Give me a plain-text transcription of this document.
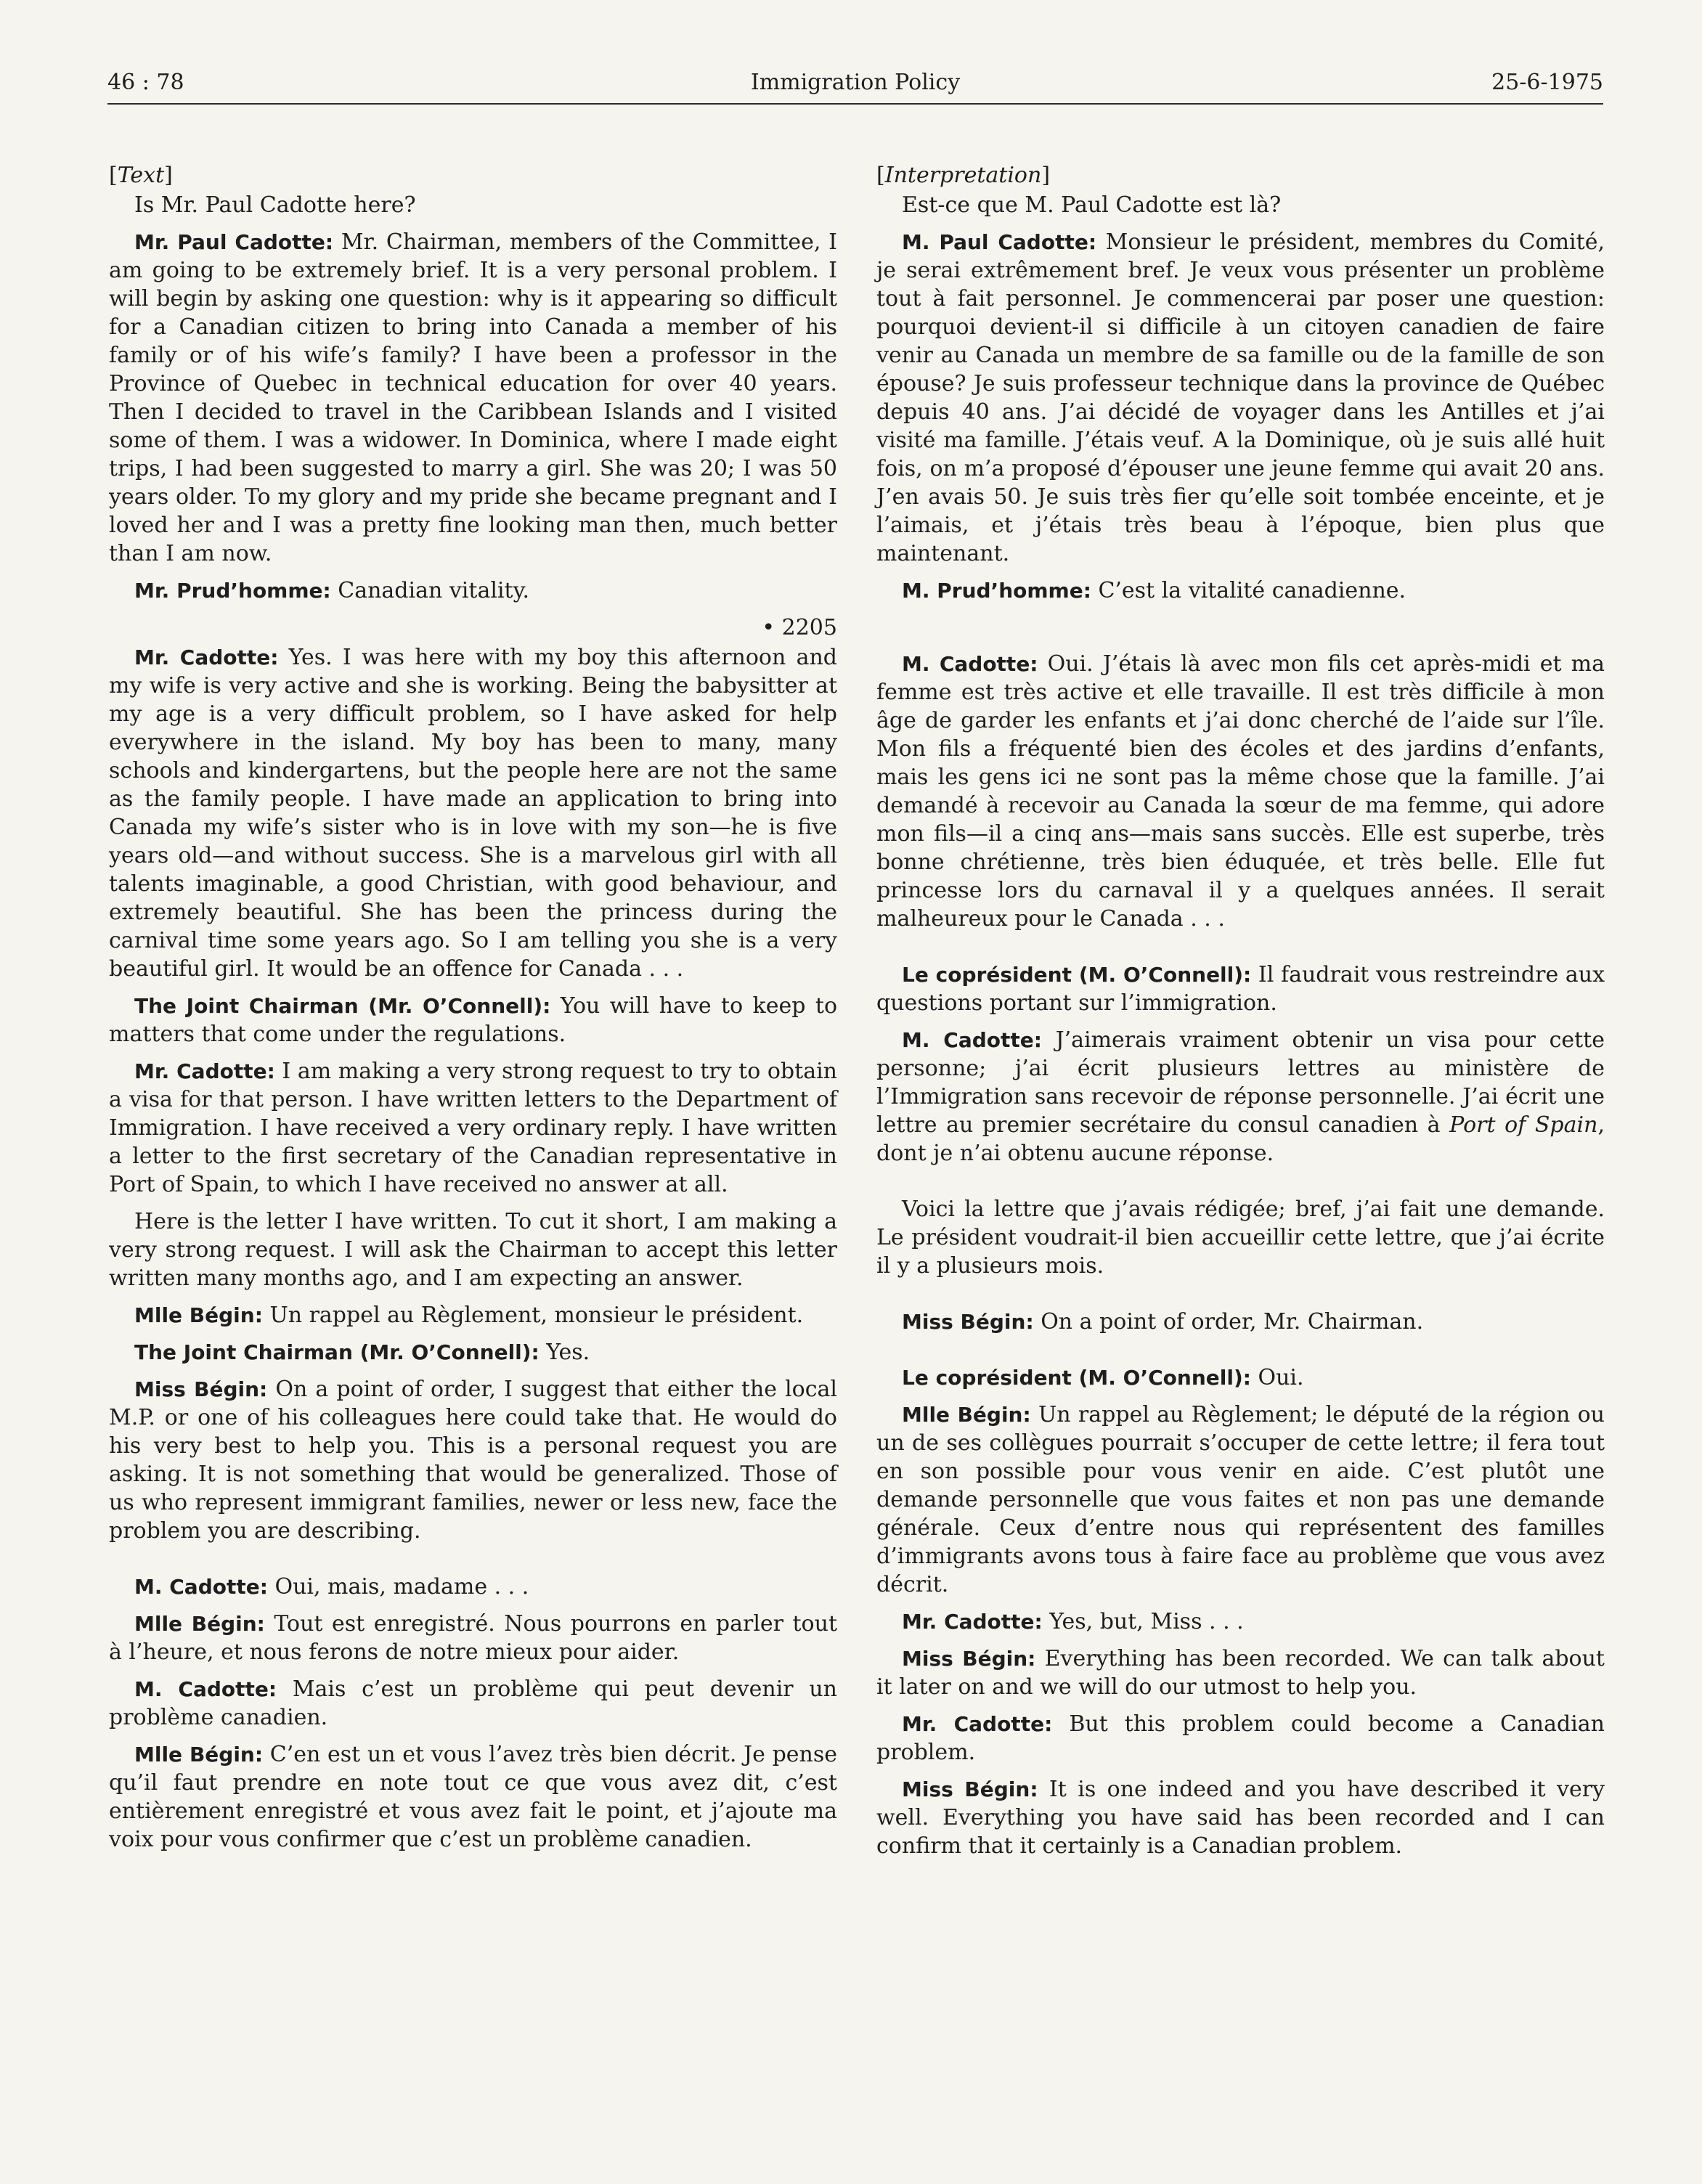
46 : 78	Immigration Policy	25-6-1975

[Text]

Is Mr. Paul Cadotte here?

Mr. Paul Cadotte: Mr. Chairman, members of the Committee, I am going to be extremely brief. It is a very personal problem. I will begin by asking one question: why is it appearing so difficult for a Canadian citizen to bring into Canada a member of his family or of his wife’s family? I have been a professor in the Province of Quebec in technical education for over 40 years. Then I decided to travel in the Caribbean Islands and I visited some of them. I was a widower. In Dominica, where I made eight trips, I had been suggested to marry a girl. She was 20; I was 50 years older. To my glory and my pride she became pregnant and I loved her and I was a pretty fine looking man then, much better than I am now.

Mr. Prud’homme: Canadian vitality.

• 2205

Mr. Cadotte: Yes. I was here with my boy this afternoon and my wife is very active and she is working. Being the babysitter at my age is a very difficult problem, so I have asked for help everywhere in the island. My boy has been to many, many schools and kindergartens, but the people here are not the same as the family people. I have made an application to bring into Canada my wife’s sister who is in love with my son—he is five years old—and without success. She is a marvelous girl with all talents imaginable, a good Christian, with good behaviour, and extremely beautiful. She has been the princess during the carnival time some years ago. So I am telling you she is a very beautiful girl. It would be an offence for Canada . . .

The Joint Chairman (Mr. O’Connell): You will have to keep to matters that come under the regulations.

Mr. Cadotte: I am making a very strong request to try to obtain a visa for that person. I have written letters to the Department of Immigration. I have received a very ordinary reply. I have written a letter to the first secretary of the Canadian representative in Port of Spain, to which I have received no answer at all.

Here is the letter I have written. To cut it short, I am making a very strong request. I will ask the Chairman to accept this letter written many months ago, and I am expecting an answer.

Mlle Bégin: Un rappel au Règlement, monsieur le président.

The Joint Chairman (Mr. O’Connell): Yes.

Miss Bégin: On a point of order, I suggest that either the local M.P. or one of his colleagues here could take that. He would do his very best to help you. This is a personal request you are asking. It is not something that would be generalized. Those of us who represent immigrant families, newer or less new, face the problem you are describing.

M. Cadotte: Oui, mais, madame . . .

Mlle Bégin: Tout est enregistré. Nous pourrons en parler tout à l’heure, et nous ferons de notre mieux pour aider.

M. Cadotte: Mais c’est un problème qui peut devenir un problème canadien.

Mlle Bégin: C’en est un et vous l’avez très bien décrit. Je pense qu’il faut prendre en note tout ce que vous avez dit, c’est entièrement enregistré et vous avez fait le point, et j’ajoute ma voix pour vous confirmer que c’est un problème canadien.

[Interpretation]

Est-ce que M. Paul Cadotte est là?

M. Paul Cadotte: Monsieur le président, membres du Comité, je serai extrêmement bref. Je veux vous présenter un problème tout à fait personnel. Je commencerai par poser une question: pourquoi devient-il si difficile à un citoyen canadien de faire venir au Canada un membre de sa famille ou de la famille de son épouse? Je suis professeur technique dans la province de Québec depuis 40 ans. J’ai décidé de voyager dans les Antilles et j’ai visité ma famille. J’étais veuf. A la Dominique, où je suis allé huit fois, on m’a proposé d’épouser une jeune femme qui avait 20 ans. J’en avais 50. Je suis très fier qu’elle soit tombée enceinte, et je l’aimais, et j’étais très beau à l’époque, bien plus que maintenant.

M. Prud’homme: C’est la vitalité canadienne.

M. Cadotte: Oui. J’étais là avec mon fils cet après-midi et ma femme est très active et elle travaille. Il est très difficile à mon âge de garder les enfants et j’ai donc cherché de l’aide sur l’île. Mon fils a fréquenté bien des écoles et des jardins d’enfants, mais les gens ici ne sont pas la même chose que la famille. J’ai demandé à recevoir au Canada la sœur de ma femme, qui adore mon fils—il a cinq ans—mais sans succès. Elle est superbe, très bonne chrétienne, très bien éduquée, et très belle. Elle fut princesse lors du carnaval il y a quelques années. Il serait malheureux pour le Canada . . .

Le coprésident (M. O’Connell): Il faudrait vous restreindre aux questions portant sur l’immigration.

M. Cadotte: J’aimerais vraiment obtenir un visa pour cette personne; j’ai écrit plusieurs lettres au ministère de l’Immigration sans recevoir de réponse personnelle. J’ai écrit une lettre au premier secrétaire du consul canadien à Port of Spain, dont je n’ai obtenu aucune réponse.

Voici la lettre que j’avais rédigée; bref, j’ai fait une demande. Le président voudrait-il bien accueillir cette lettre, que j’ai écrite il y a plusieurs mois.

Miss Bégin: On a point of order, Mr. Chairman.

Le coprésident (M. O’Connell): Oui.

Mlle Bégin: Un rappel au Règlement; le député de la région ou un de ses collègues pourrait s’occuper de cette lettre; il fera tout en son possible pour vous venir en aide. C’est plutôt une demande personnelle que vous faites et non pas une demande générale. Ceux d’entre nous qui représentent des familles d’immigrants avons tous à faire face au problème que vous avez décrit.

Mr. Cadotte: Yes, but, Miss . . .

Miss Bégin: Everything has been recorded. We can talk about it later on and we will do our utmost to help you.

Mr. Cadotte: But this problem could become a Canadian problem.

Miss Bégin: It is one indeed and you have described it very well. Everything you have said has been recorded and I can confirm that it certainly is a Canadian problem.
